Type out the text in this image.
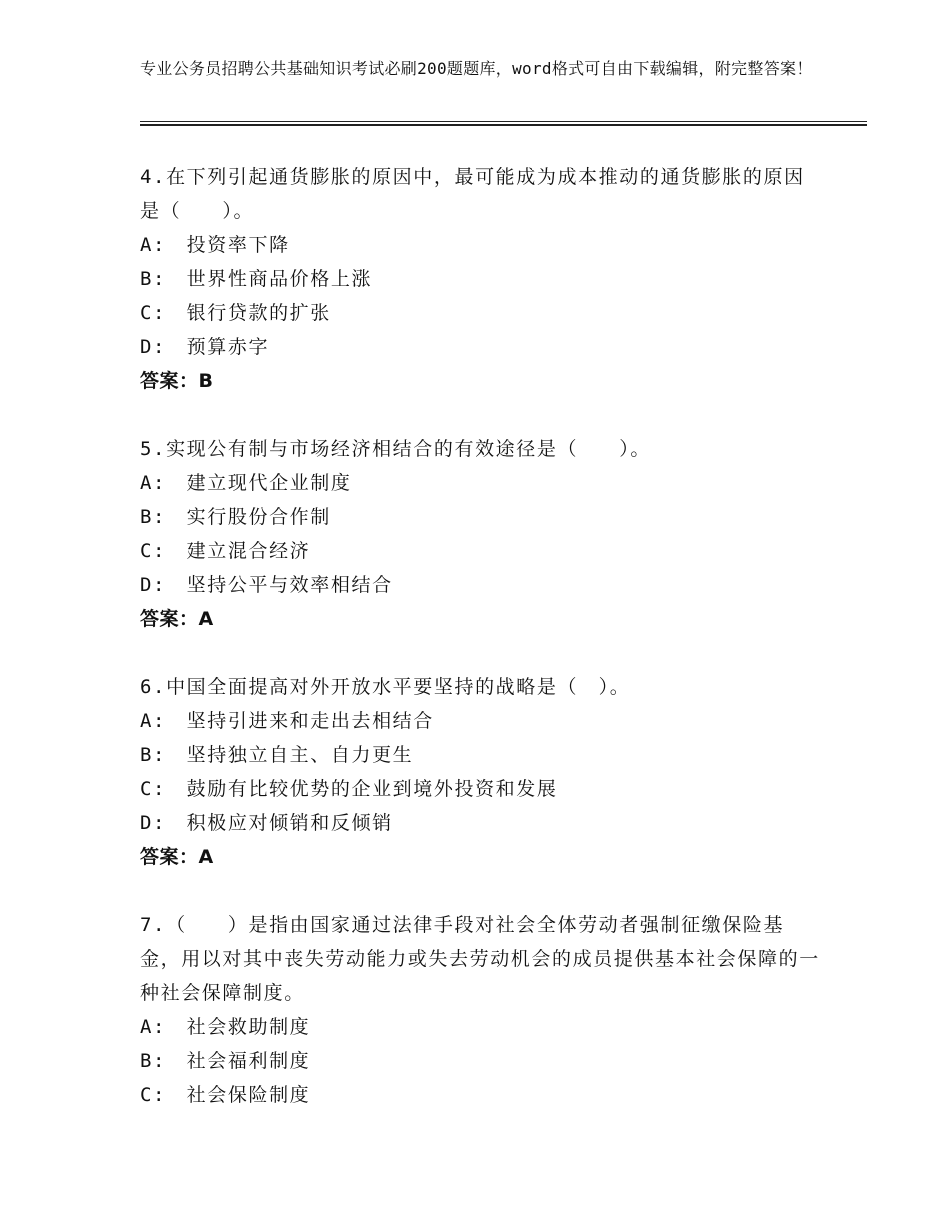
专业公务员招聘公共基础知识考试必刷200题题库，word格式可自由下载编辑，附完整答案！
4.在下列引起通货膨胀的原因中，最可能成为成本推动的通货膨胀的原因是（　　）。
A:　投资率下降
B:　世界性商品价格上涨
C:　银行贷款的扩张
D:　预算赤字
答案：B
5.实现公有制与市场经济相结合的有效途径是（　　）。
A:　建立现代企业制度
B:　实行股份合作制
C:　建立混合经济
D:　坚持公平与效率相结合
答案：A
6.中国全面提高对外开放水平要坚持的战略是（　）。
A:　坚持引进来和走出去相结合
B:　坚持独立自主、自力更生
C:　鼓励有比较优势的企业到境外投资和发展
D:　积极应对倾销和反倾销
答案：A
7.（　　）是指由国家通过法律手段对社会全体劳动者强制征缴保险基金，用以对其中丧失劳动能力或失去劳动机会的成员提供基本社会保障的一种社会保障制度。
A:　社会救助制度
B:　社会福利制度
C:　社会保险制度
